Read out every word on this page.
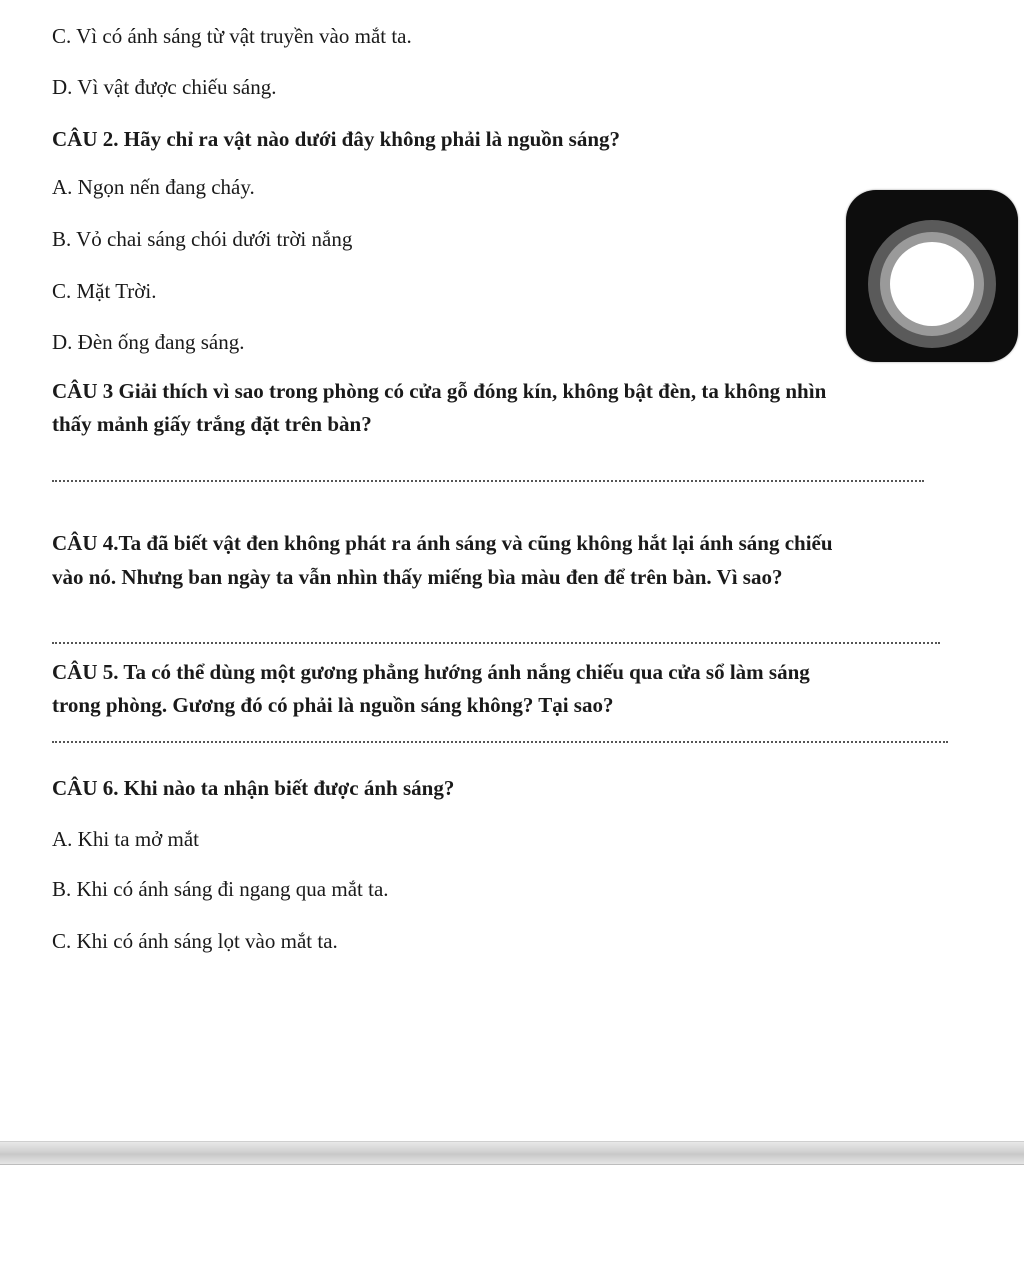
C. Vì có ánh sáng từ vật truyền vào mắt ta.
D. Vì vật được chiếu sáng.
CÂU 2. Hãy chỉ ra vật nào dưới đây không phải là nguồn sáng?
A. Ngọn nến đang cháy.
B. Vỏ chai sáng chói dưới trời nắng
C. Mặt Trời.
D. Đèn ống đang sáng.
CÂU 3 Giải thích vì sao trong phòng có cửa gỗ đóng kín, không bật đèn, ta không nhìn
thấy mảnh giấy trắng đặt trên bàn?
CÂU 4.Ta đã biết vật đen không phát ra ánh sáng và cũng không hắt lại ánh sáng chiếu
vào nó. Nhưng ban ngày ta vẫn nhìn thấy miếng bìa màu đen để trên bàn. Vì sao?
CÂU 5. Ta có thể dùng một gương phẳng hướng ánh nắng chiếu qua cửa sổ làm sáng
trong phòng. Gương đó có phải là nguồn sáng không? Tại sao?
CÂU 6. Khi nào ta nhận biết được ánh sáng?
A. Khi ta mở mắt
B. Khi có ánh sáng đi ngang qua mắt ta.
C. Khi có ánh sáng lọt vào mắt ta.
